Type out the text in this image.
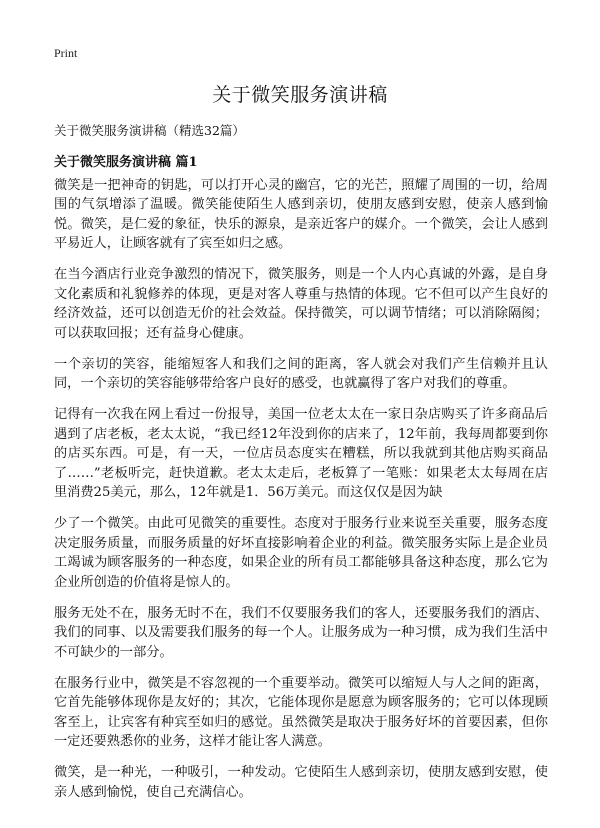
Print
关于微笑服务演讲稿

关于微笑服务演讲稿（精选32篇）

关于微笑服务演讲稿 篇1

微笑是一把神奇的钥匙，可以打开心灵的幽宫，它的光芒，照耀了周围的一切，给周围的气氛增添了温暖。微笑能使陌生人感到亲切，使朋友感到安慰，使亲人感到愉悦。微笑，是仁爱的象征，快乐的源泉，是亲近客户的媒介。一个微笑，会让人感到平易近人，让顾客就有了宾至如归之感。

在当今酒店行业竞争激烈的情况下，微笑服务，则是一个人内心真诚的外露，是自身文化素质和礼貌修养的体现，更是对客人尊重与热情的体现。它不但可以产生良好的经济效益，还可以创造无价的社会效益。保持微笑，可以调节情绪；可以消除隔阂；可以获取回报；还有益身心健康。

一个亲切的笑容，能缩短客人和我们之间的距离，客人就会对我们产生信赖并且认同，一个亲切的笑容能够带给客户良好的感受，也就赢得了客户对我们的尊重。

记得有一次我在网上看过一份报导，美国一位老太太在一家日杂店购买了许多商品后遇到了店老板，老太太说，“我已经12年没到你的店来了，12年前，我每周都要到你的店买东西。可是，有一天，一位店员态度实在糟糕，所以我就到其他店购买商品了……”老板听完，赶快道歉。老太太走后，老板算了一笔账：如果老太太每周在店里消费25美元，那么，12年就是1．56万美元。而这仅仅是因为缺

少了一个微笑。由此可见微笑的重要性。态度对于服务行业来说至关重要，服务态度决定服务质量，而服务质量的好坏直接影响着企业的利益。微笑服务实际上是企业员工竭诚为顾客服务的一种态度，如果企业的所有员工都能够具备这种态度，那么它为企业所创造的价值将是惊人的。

服务无处不在，服务无时不在，我们不仅要服务我们的客人，还要服务我们的酒店、我们的同事、以及需要我们服务的每一个人。让服务成为一种习惯，成为我们生活中不可缺少的一部分。

在服务行业中，微笑是不容忽视的一个重要举动。微笑可以缩短人与人之间的距离，它首先能够体现你是友好的；其次，它能体现你是愿意为顾客服务的；它可以体现顾客至上，让宾客有种宾至如归的感觉。虽然微笑是取决于服务好坏的首要因素，但你一定还要熟悉你的业务，这样才能让客人满意。

微笑，是一种光，一种吸引，一种发动。它使陌生人感到亲切，使朋友感到安慰，使亲人感到愉悦，使自己充满信心。
